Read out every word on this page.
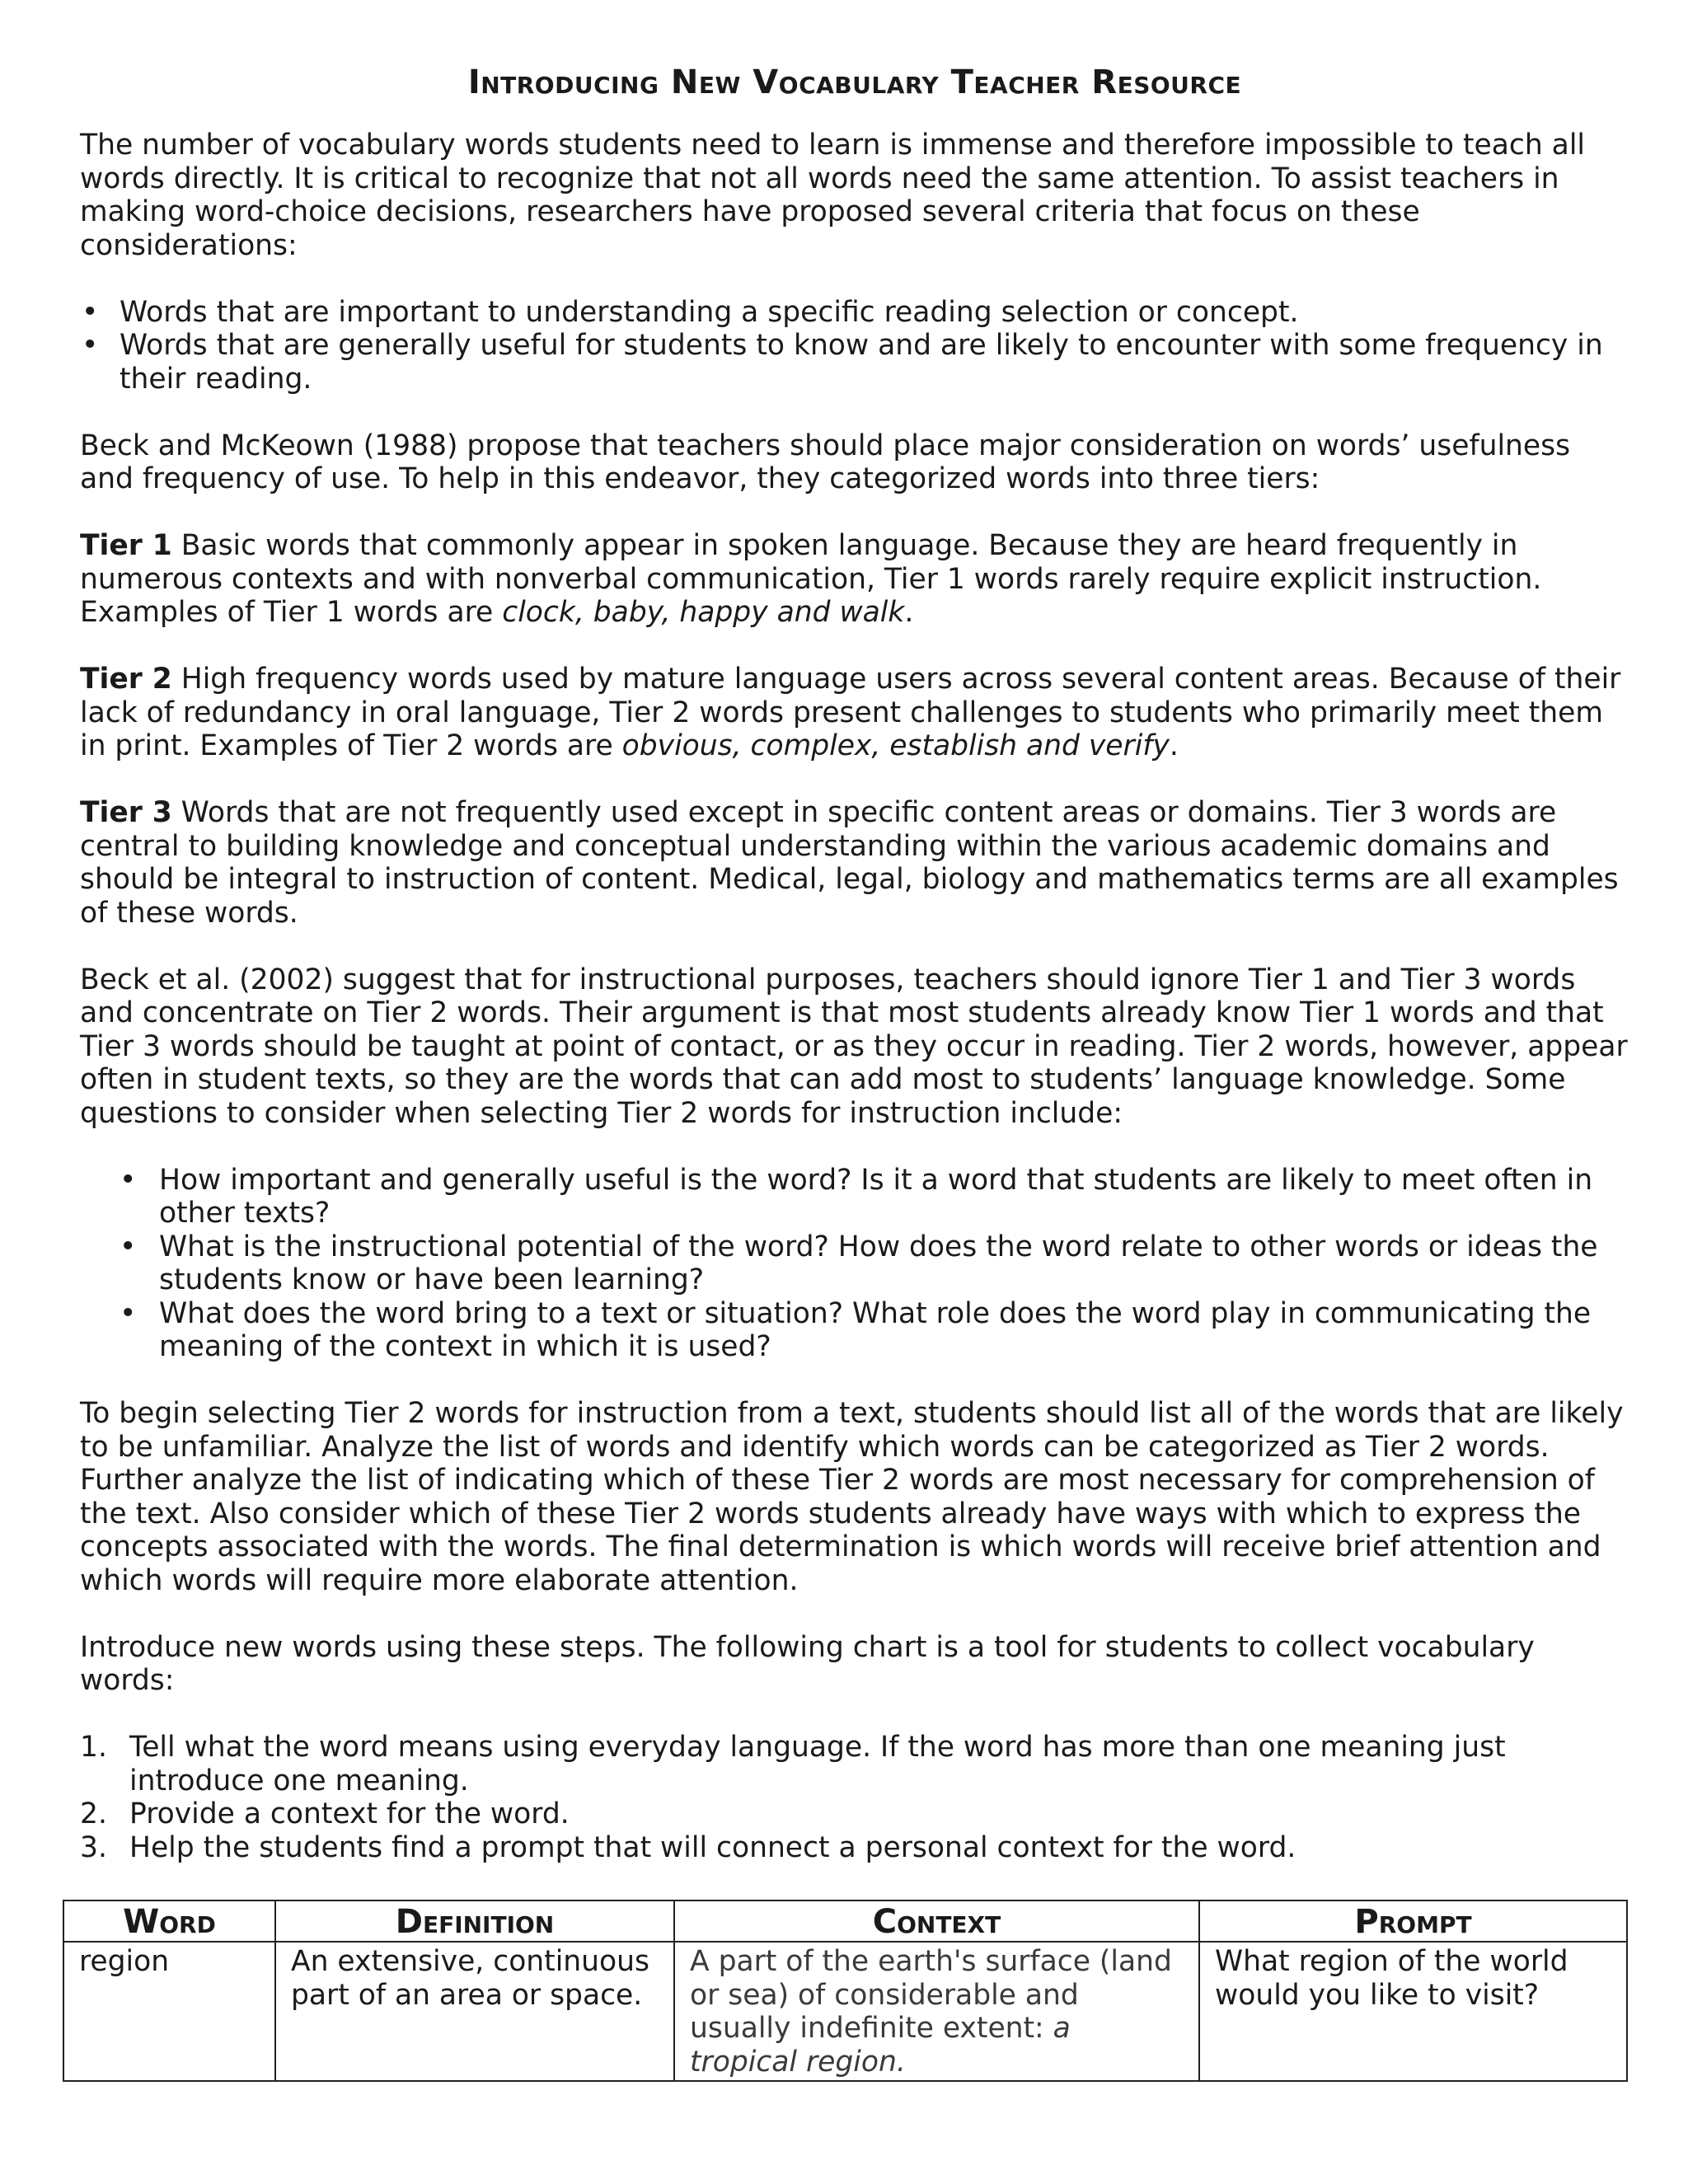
Introducing New Vocabulary Teacher Resource

The number of vocabulary words students need to learn is immense and therefore impossible to teach all words directly. It is critical to recognize that not all words need the same attention. To assist teachers in making word-choice decisions, researchers have proposed several criteria that focus on these considerations:

• Words that are important to understanding a specific reading selection or concept.
• Words that are generally useful for students to know and are likely to encounter with some frequency in their reading.

Beck and McKeown (1988) propose that teachers should place major consideration on words’ usefulness and frequency of use. To help in this endeavor, they categorized words into three tiers:

Tier 1 Basic words that commonly appear in spoken language. Because they are heard frequently in numerous contexts and with nonverbal communication, Tier 1 words rarely require explicit instruction. Examples of Tier 1 words are clock, baby, happy and walk.

Tier 2 High frequency words used by mature language users across several content areas. Because of their lack of redundancy in oral language, Tier 2 words present challenges to students who primarily meet them in print. Examples of Tier 2 words are obvious, complex, establish and verify.

Tier 3 Words that are not frequently used except in specific content areas or domains. Tier 3 words are central to building knowledge and conceptual understanding within the various academic domains and should be integral to instruction of content. Medical, legal, biology and mathematics terms are all examples of these words.

Beck et al. (2002) suggest that for instructional purposes, teachers should ignore Tier 1 and Tier 3 words and concentrate on Tier 2 words. Their argument is that most students already know Tier 1 words and that Tier 3 words should be taught at point of contact, or as they occur in reading. Tier 2 words, however, appear often in student texts, so they are the words that can add most to students’ language knowledge. Some questions to consider when selecting Tier 2 words for instruction include:

• How important and generally useful is the word? Is it a word that students are likely to meet often in other texts?
• What is the instructional potential of the word? How does the word relate to other words or ideas the students know or have been learning?
• What does the word bring to a text or situation? What role does the word play in communicating the meaning of the context in which it is used?

To begin selecting Tier 2 words for instruction from a text, students should list all of the words that are likely to be unfamiliar. Analyze the list of words and identify which words can be categorized as Tier 2 words. Further analyze the list of indicating which of these Tier 2 words are most necessary for comprehension of the text. Also consider which of these Tier 2 words students already have ways with which to express the concepts associated with the words. The final determination is which words will receive brief attention and which words will require more elaborate attention.

Introduce new words using these steps. The following chart is a tool for students to collect vocabulary words:

1. Tell what the word means using everyday language. If the word has more than one meaning just introduce one meaning.
2. Provide a context for the word.
3. Help the students find a prompt that will connect a personal context for the word.
Word	Definition	Context	Prompt
region	An extensive, continuous part of an area or space.	A part of the earth's surface (land or sea) of considerable and usually indefinite extent: a tropical region.	What region of the world would you like to visit?
